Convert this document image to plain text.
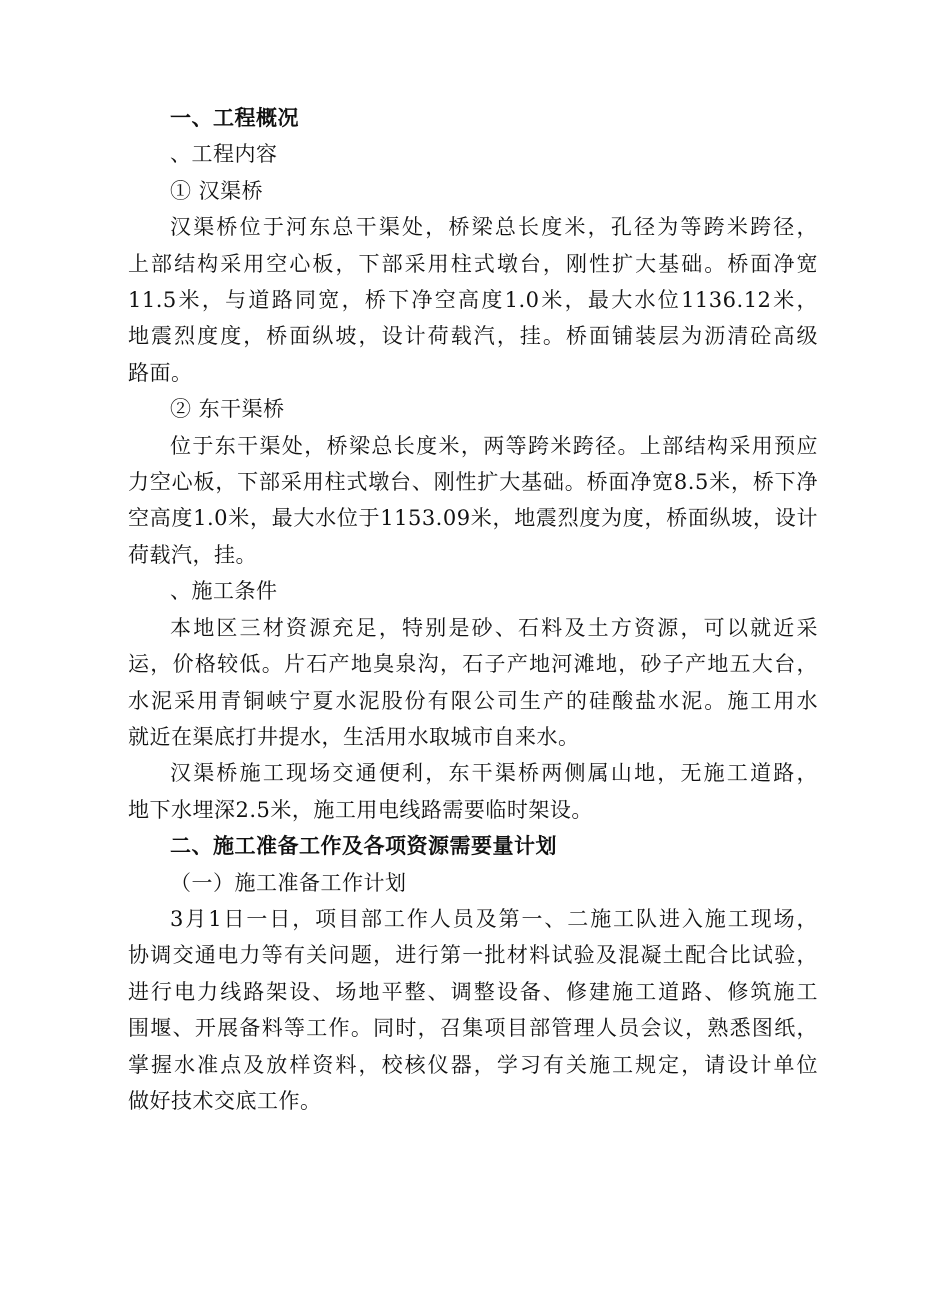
一、工程概况

、工程内容

① 汉渠桥

汉渠桥位于河东总干渠处，桥梁总长度米，孔径为等跨米跨径，

上部结构采用空心板，下部采用柱式墩台，刚性扩大基础。桥面净宽

11.5米，与道路同宽，桥下净空高度1.0米，最大水位1136.12米，

地震烈度度，桥面纵坡，设计荷载汽，挂。桥面铺装层为沥清砼高级

路面。

② 东干渠桥

位于东干渠处，桥梁总长度米，两等跨米跨径。上部结构采用预应

力空心板，下部采用柱式墩台、刚性扩大基础。桥面净宽8.5米，桥下净

空高度1.0米，最大水位于1153.09米，地震烈度为度，桥面纵坡，设计

荷载汽，挂。

、施工条件

本地区三材资源充足，特别是砂、石料及土方资源，可以就近采

运，价格较低。片石产地臭泉沟，石子产地河滩地，砂子产地五大台，

水泥采用青铜峡宁夏水泥股份有限公司生产的硅酸盐水泥。施工用水

就近在渠底打井提水，生活用水取城市自来水。

汉渠桥施工现场交通便利，东干渠桥两侧属山地，无施工道路，

地下水埋深2.5米，施工用电线路需要临时架设。

二、施工准备工作及各项资源需要量计划

（一）施工准备工作计划

3月1日一日，项目部工作人员及第一、二施工队进入施工现场，

协调交通电力等有关问题，进行第一批材料试验及混凝土配合比试验，

进行电力线路架设、场地平整、调整设备、修建施工道路、修筑施工

围堰、开展备料等工作。同时，召集项目部管理人员会议，熟悉图纸，

掌握水准点及放样资料，校核仪器，学习有关施工规定，请设计单位

做好技术交底工作。
